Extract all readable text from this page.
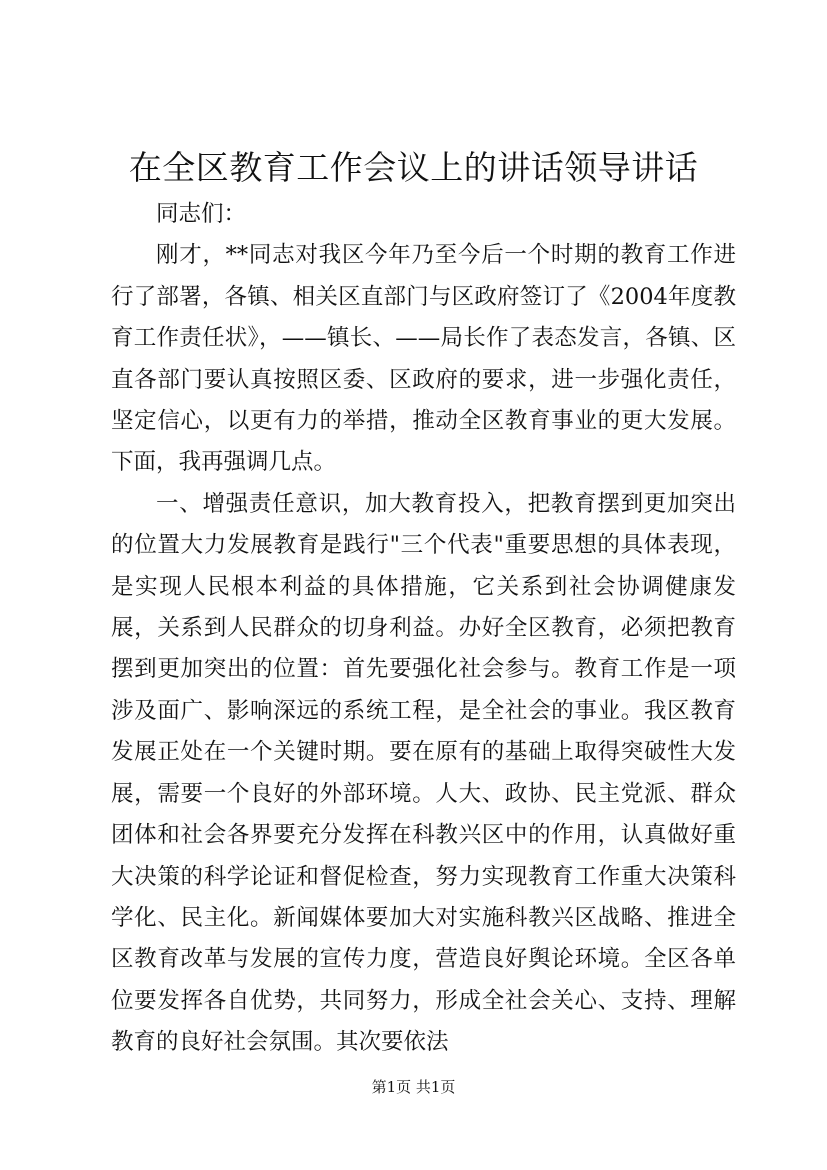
在全区教育工作会议上的讲话领导讲话

同志们：

刚才，**同志对我区今年乃至今后一个时期的教育工作进行了部署，各镇、相关区直部门与区政府签订了《2004年度教育工作责任状》，——镇长、——局长作了表态发言，各镇、区直各部门要认真按照区委、区政府的要求，进一步强化责任，坚定信心，以更有力的举措，推动全区教育事业的更大发展。下面，我再强调几点。

一、增强责任意识，加大教育投入，把教育摆到更加突出的位置大力发展教育是践行"三个代表"重要思想的具体表现，是实现人民根本利益的具体措施，它关系到社会协调健康发展，关系到人民群众的切身利益。办好全区教育，必须把教育摆到更加突出的位置：首先要强化社会参与。教育工作是一项涉及面广、影响深远的系统工程，是全社会的事业。我区教育发展正处在一个关键时期。要在原有的基础上取得突破性大发展，需要一个良好的外部环境。人大、政协、民主党派、群众团体和社会各界要充分发挥在科教兴区中的作用，认真做好重大决策的科学论证和督促检查，努力实现教育工作重大决策科学化、民主化。新闻媒体要加大对实施科教兴区战略、推进全区教育改革与发展的宣传力度，营造良好舆论环境。全区各单位要发挥各自优势，共同努力，形成全社会关心、支持、理解教育的良好社会氛围。其次要依法

第1页 共1页
